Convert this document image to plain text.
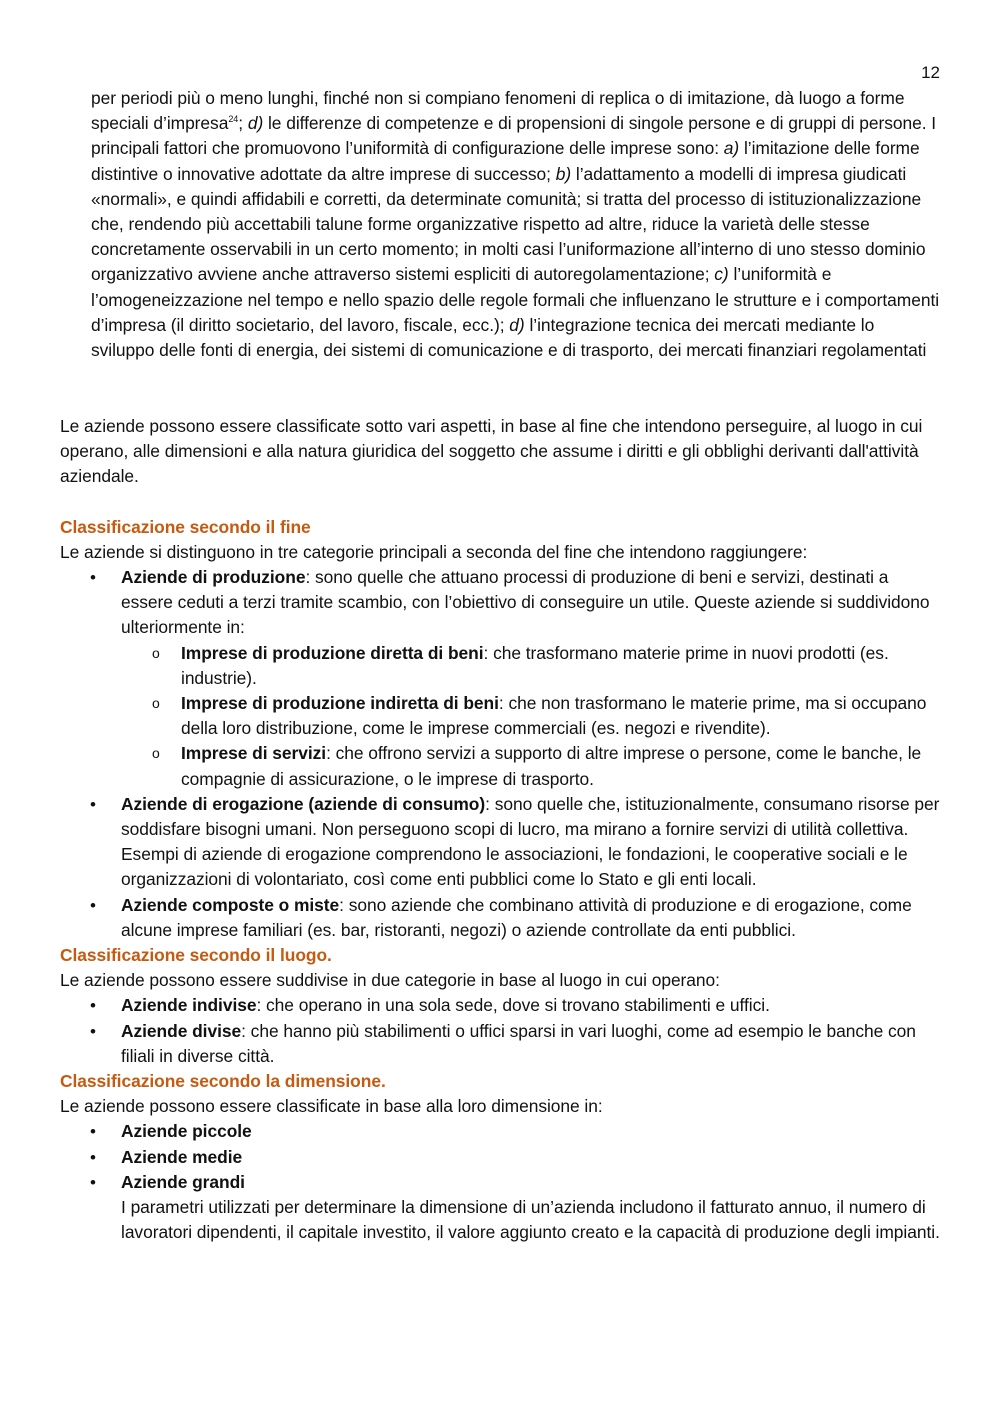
12
per periodi più o meno lunghi, finché non si compiano fenomeni di replica o di imitazione, dà luogo a forme speciali d’impresa$^{24}$; d) le differenze di competenze e di propensioni di singole persone e di gruppi di persone. I principali fattori che promuovono l’uniformità di configurazione delle imprese sono: a) l’imitazione delle forme distintive o innovative adottate da altre imprese di successo; b) l’adattamento a modelli di impresa giudicati «normali», e quindi affidabili e corretti, da determinate comunità; si tratta del processo di istituzionalizzazione che, rendendo più accettabili talune forme organizzative rispetto ad altre, riduce la varietà delle stesse concretamente osservabili in un certo momento; in molti casi l’uniformazione all’interno di uno stesso dominio organizzativo avviene anche attraverso sistemi espliciti di autoregolamentazione; c) l’uniformità e l’omogeneizzazione nel tempo e nello spazio delle regole formali che influenzano le strutture e i comportamenti d’impresa (il diritto societario, del lavoro, fiscale, ecc.); d) l’integrazione tecnica dei mercati mediante lo sviluppo delle fonti di energia, dei sistemi di comunicazione e di trasporto, dei mercati finanziari regolamentati

Le aziende possono essere classificate sotto vari aspetti, in base al fine che intendono perseguire, al luogo in cui operano, alle dimensioni e alla natura giuridica del soggetto che assume i diritti e gli obblighi derivanti dall'attività aziendale.

Classificazione secondo il fine

Le aziende si distinguono in tre categorie principali a seconda del fine che intendono raggiungere:

• Aziende di produzione: sono quelle che attuano processi di produzione di beni e servizi, destinati a essere ceduti a terzi tramite scambio, con l’obiettivo di conseguire un utile. Queste aziende si suddividono ulteriormente in:
o Imprese di produzione diretta di beni: che trasformano materie prime in nuovi prodotti (es. industrie).
o Imprese di produzione indiretta di beni: che non trasformano le materie prime, ma si occupano della loro distribuzione, come le imprese commerciali (es. negozi e rivendite).
o Imprese di servizi: che offrono servizi a supporto di altre imprese o persone, come le banche, le compagnie di assicurazione, o le imprese di trasporto.
• Aziende di erogazione (aziende di consumo): sono quelle che, istituzionalmente, consumano risorse per soddisfare bisogni umani. Non perseguono scopi di lucro, ma mirano a fornire servizi di utilità collettiva. Esempi di aziende di erogazione comprendono le associazioni, le fondazioni, le cooperative sociali e le organizzazioni di volontariato, così come enti pubblici come lo Stato e gli enti locali.
• Aziende composte o miste: sono aziende che combinano attività di produzione e di erogazione, come alcune imprese familiari (es. bar, ristoranti, negozi) o aziende controllate da enti pubblici.
Classificazione secondo il luogo.

Le aziende possono essere suddivise in due categorie in base al luogo in cui operano:

• Aziende indivise: che operano in una sola sede, dove si trovano stabilimenti e uffici.
• Aziende divise: che hanno più stabilimenti o uffici sparsi in vari luoghi, come ad esempio le banche con filiali in diverse città.
Classificazione secondo la dimensione.

Le aziende possono essere classificate in base alla loro dimensione in:

• Aziende piccole
• Aziende medie
• Aziende grandi

I parametri utilizzati per determinare la dimensione di un’azienda includono il fatturato annuo, il numero di lavoratori dipendenti, il capitale investito, il valore aggiunto creato e la capacità di produzione degli impianti.
